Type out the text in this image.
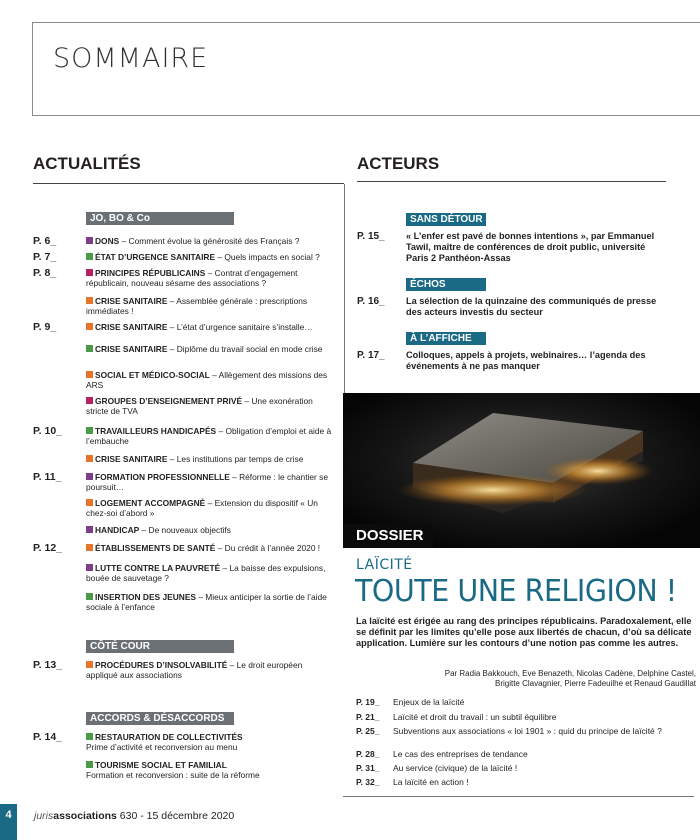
SOMMAIRE
ACTUALITÉS
JO, BO & Co
P. 6_	DONS – Comment évolue la générosité des Français ?
P. 7_	ÉTAT D’URGENCE SANITAIRE – Quels impacts en social ?
P. 8_	PRINCIPES RÉPUBLICAINS – Contrat d’engagement républicain, nouveau sésame des associations ?
CRISE SANITAIRE – Assemblée générale : prescriptions immédiates !
P. 9_	CRISE SANITAIRE – L’état d’urgence sanitaire s’installe…
CRISE SANITAIRE – Diplôme du travail social en mode crise
SOCIAL ET MÉDICO-SOCIAL – Allègement des missions des ARS
GROUPES D’ENSEIGNEMENT PRIVÉ – Une exonération stricte de TVA
P. 10_	TRAVAILLEURS HANDICAPÉS – Obligation d’emploi et aide à l’embauche
CRISE SANITAIRE – Les institutions par temps de crise
P. 11_	FORMATION PROFESSIONNELLE – Réforme : le chantier se poursuit…
LOGEMENT ACCOMPAGNÉ – Extension du dispositif « Un chez-soi d’abord »
HANDICAP – De nouveaux objectifs
P. 12_	ÉTABLISSEMENTS DE SANTÉ – Du crédit à l’année 2020 !
LUTTE CONTRE LA PAUVRETÉ – La baisse des expulsions, bouée de sauvetage ?
INSERTION DES JEUNES – Mieux anticiper la sortie de l’aide sociale à l’enfance
CÔTÉ COUR
P. 13_	PROCÉDURES D’INSOLVABILITÉ – Le droit européen appliqué aux associations
ACCORDS & DÉSACCORDS
P. 14_	RESTAURATION DE COLLECTIVITÉS
Prime d’activité et reconversion au menu
TOURISME SOCIAL ET FAMILIAL
Formation et reconversion : suite de la réforme
ACTEURS
SANS DÉTOUR
P. 15_ « L’enfer est pavé de bonnes intentions », par Emmanuel Tawil, maître de conférences de droit public, université Paris 2 Panthéon-Assas
ÉCHOS
P. 16_ La sélection de la quinzaine des communiqués de presse des acteurs investis du secteur
À L’AFFICHE
P. 17_ Colloques, appels à projets, webinaires… l’agenda des événements à ne pas manquer
DOSSIER
LAÏCITÉ
TOUTE UNE RELIGION !
La laïcité est érigée au rang des principes républicains. Paradoxalement, elle se définit par les limites qu’elle pose aux libertés de chacun, d’où sa délicate application. Lumière sur les contours d’une notion pas comme les autres.
Par Radia Bakkouch, Eve Benazeth, Nicolas Cadène, Delphine Castel, Brigitte Clavagnier, Pierre Fadeuilhe et Renaud Gaudillat
P. 19_ Enjeux de la laïcité
P. 21_ Laïcité et droit du travail : un subtil équilibre
P. 25_ Subventions aux associations « loi 1901 » : quid du principe de laïcité ?
P. 28_ Le cas des entreprises de tendance
P. 31_ Au service (civique) de la laïcité !
P. 32_ La laïcité en action !
4	jurisassociations 630 - 15 décembre 2020
